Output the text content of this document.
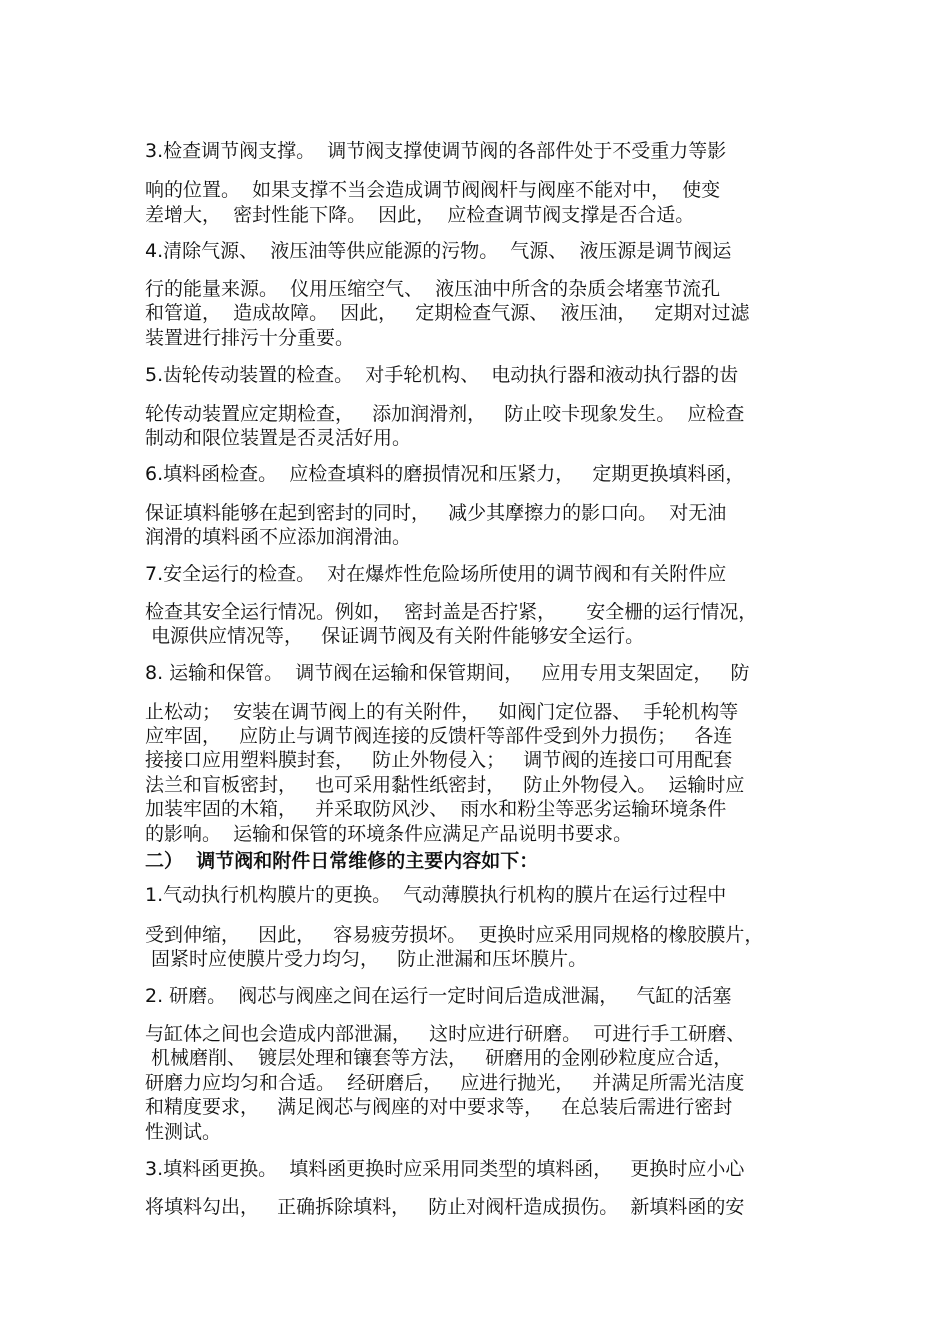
3.检查调节阀支撑。  调节阀支撑使调节阀的各部件处于不受重力等影
响的位置。  如果支撑不当会造成调节阀阀杆与阀座不能对中，  使变
差增大，  密封性能下降。  因此，  应检查调节阀支撑是否合适。
4.清除气源、  液压油等供应能源的污物。  气源、  液压源是调节阀运
行的能量来源。  仪用压缩空气、  液压油中所含的杂质会堵塞节流孔
和管道，  造成故障。  因此，   定期检查气源、  液压油，   定期对过滤
装置进行排污十分重要。
5.齿轮传动装置的检查。  对手轮机构、  电动执行器和液动执行器的齿
轮传动装置应定期检查，   添加润滑剂，   防止咬卡现象发生。  应检查
制动和限位装置是否灵活好用。
6.填料函检查。  应检查填料的磨损情况和压紧力，   定期更换填料函，
保证填料能够在起到密封的同时，   减少其摩擦力的影口向。  对无油
润滑的填料函不应添加润滑油。
7.安全运行的检查。  对在爆炸性危险场所使用的调节阀和有关附件应
检查其安全运行情况。例如，  密封盖是否拧紧，     安全栅的运行情况，
电源供应情况等，   保证调节阀及有关附件能够安全运行。
8. 运输和保管。  调节阀在运输和保管期间，   应用专用支架固定，   防
止松动；  安装在调节阀上的有关附件，   如阀门定位器、  手轮机构等
应牢固，   应防止与调节阀连接的反馈杆等部件受到外力损伤；   各连
接接口应用塑料膜封套，   防止外物侵入；   调节阀的连接口可用配套
法兰和盲板密封，   也可采用黏性纸密封，   防止外物侵入。  运输时应
加装牢固的木箱，   并采取防风沙、  雨水和粉尘等恶劣运输环境条件
的影响。  运输和保管的环境条件应满足产品说明书要求。
二）  调节阀和附件日常维修的主要内容如下：
1.气动执行机构膜片的更换。  气动薄膜执行机构的膜片在运行过程中
受到伸缩，   因此，   容易疲劳损坏。  更换时应采用同规格的橡胶膜片，
固紧时应使膜片受力均匀，   防止泄漏和压坏膜片。
2. 研磨。  阀芯与阀座之间在运行一定时间后造成泄漏，   气缸的活塞
与缸体之间也会造成内部泄漏，   这时应进行研磨。  可进行手工研磨、
机械磨削、  镀层处理和镶套等方法，   研磨用的金刚砂粒度应合适，
研磨力应均匀和合适。  经研磨后，   应进行抛光，   并满足所需光洁度
和精度要求，   满足阀芯与阀座的对中要求等，   在总装后需进行密封
性测试。
3.填料函更换。  填料函更换时应采用同类型的填料函，   更换时应小心
将填料勾出，   正确拆除填料，   防止对阀杆造成损伤。  新填料函的安
